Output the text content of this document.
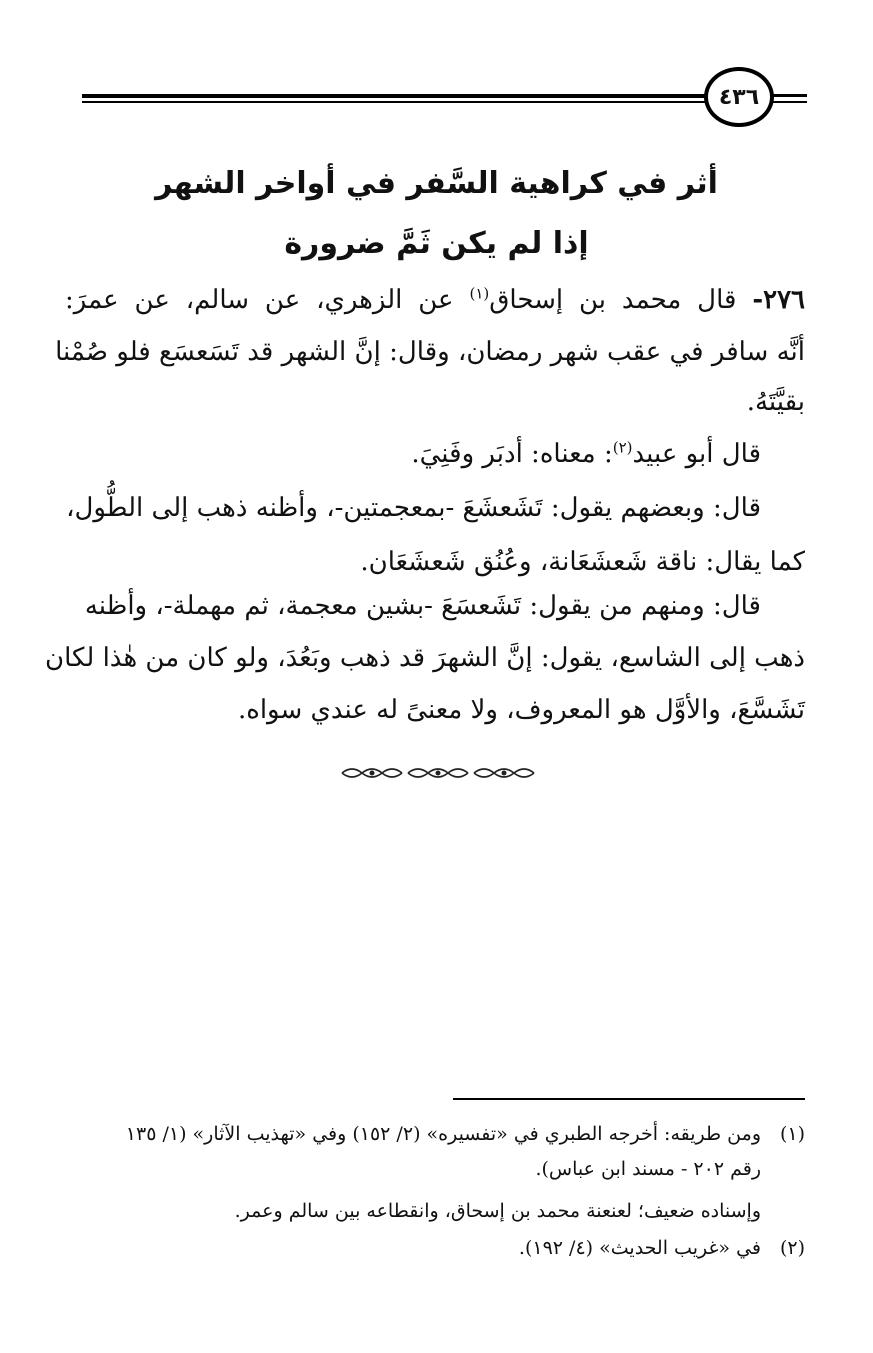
٤٣٦
أثر في كراهية السَّفر في أواخر الشهر
إذا لم يكن ثَمَّ ضرورة
٢٧٦- قال محمد بن إسحاق$^{(١)}$ عن الزهري، عن سالم، عن عمرَ:
أنَّه سافر في عقب شهر رمضان، وقال: إنَّ الشهر قد تَسَعسَع فلو صُمْنا
بقيَّتَهُ.
قال أبو عبيد$^{(٢)}$: معناه: أدبَر وفَنِيَ.
قال: وبعضهم يقول: تَشَعشَعَ -بمعجمتين-، وأظنه ذهب إلى الطُّول،
كما يقال: ناقة شَعشَعَانة، وعُنُق شَعشَعَان.
قال: ومنهم من يقول: تَشَعسَعَ -بشين معجمة، ثم مهملة-، وأظنه
ذهب إلى الشاسع، يقول: إنَّ الشهرَ قد ذهب وبَعُدَ، ولو كان من هٰذا لكان
تَشَسَّعَ، والأوَّل هو المعروف، ولا معنىً له عندي سواه.
(١)
ومن طريقه: أخرجه الطبري في «تفسيره» (٢/ ١٥٢) وفي «تهذيب الآثار» (١/ ١٣٥
رقم ٢٠٢ - مسند ابن عباس).
وإسناده ضعيف؛ لعنعنة محمد بن إسحاق، وانقطاعه بين سالم وعمر.
(٢)
في «غريب الحديث» (٤/ ١٩٢).
